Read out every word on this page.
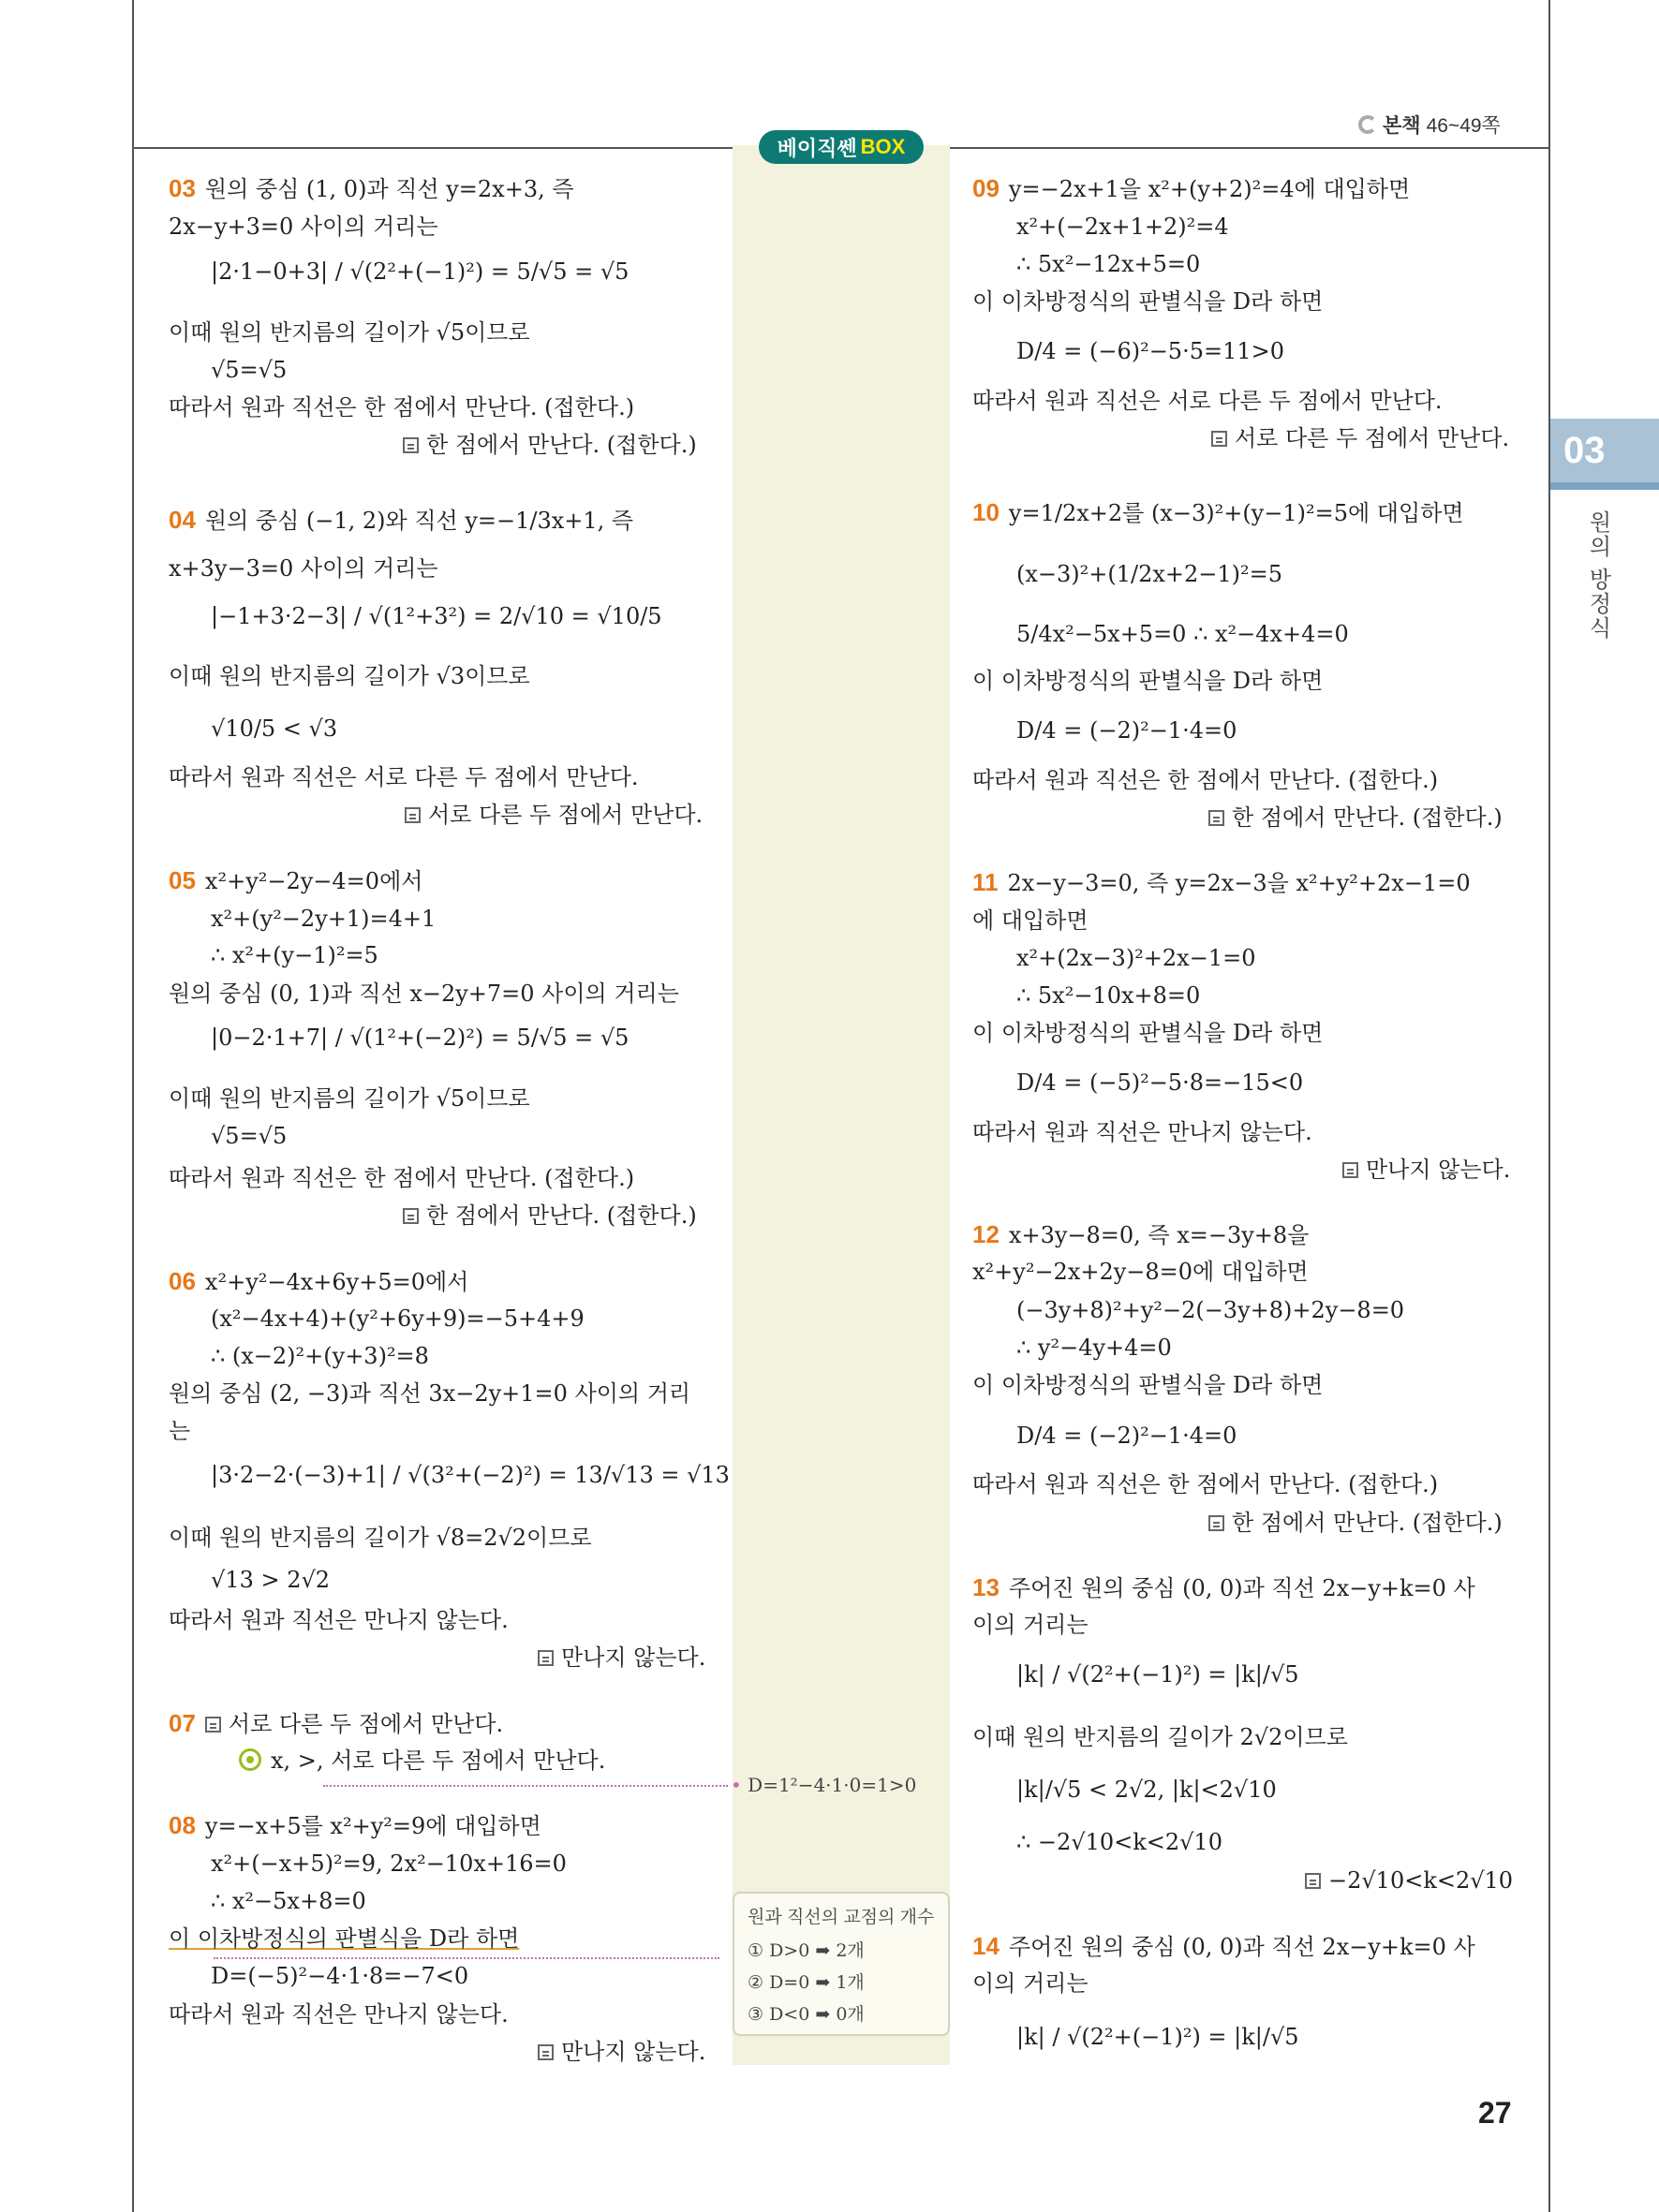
본책 46~49쪽
베이직쎈 BOX
03
원의 방정식
03 원의 중심 (1, 0)과 직선 y=2x+3, 즉
2x−y+3=0 사이의 거리는
|2·1−0+3| / √(2²+(−1)²) = 5/√5 = √5
이때 원의 반지름의 길이가 √5이므로
√5=√5
따라서 원과 직선은 한 점에서 만난다. (접한다.)
04 원의 중심 (−1, 2)와 직선 y=−1/3x+1, 즉
x+3y−3=0 사이의 거리는
|−1+3·2−3| / √(1²+3²) = 2/√10 = √10/5
이때 원의 반지름의 길이가 √3이므로
√10/5 < √3
따라서 원과 직선은 서로 다른 두 점에서 만난다.
05 x²+y²−2y−4=0에서
x²+(y²−2y+1)=4+1
∴ x²+(y−1)²=5
원의 중심 (0, 1)과 직선 x−2y+7=0 사이의 거리는
|0−2·1+7| / √(1²+(−2)²) = 5/√5 = √5
이때 원의 반지름의 길이가 √5이므로
√5=√5
따라서 원과 직선은 한 점에서 만난다. (접한다.)
06 x²+y²−4x+6y+5=0에서
(x²−4x+4)+(y²+6y+9)=−5+4+9
∴ (x−2)²+(y+3)²=8
원의 중심 (2, −3)과 직선 3x−2y+1=0 사이의 거리
는
|3·2−2·(−3)+1| / √(3²+(−2)²) = 13/√13 = √13
이때 원의 반지름의 길이가 √8=2√2이므로
√13 > 2√2
따라서 원과 직선은 만나지 않는다.
07 서로 다른 두 점에서 만난다.
x, >, 서로 다른 두 점에서 만난다.
08 y=−x+5를 x²+y²=9에 대입하면
x²+(−x+5)²=9, 2x²−10x+16=0
∴ x²−5x+8=0
이 이차방정식의 판별식을 D라 하면
D=(−5)²−4·1·8=−7<0
따라서 원과 직선은 만나지 않는다.
09 y=−2x+1을 x²+(y+2)²=4에 대입하면
x²+(−2x+1+2)²=4
∴ 5x²−12x+5=0
이 이차방정식의 판별식을 D라 하면
D/4 = (−6)²−5·5=11>0
따라서 원과 직선은 서로 다른 두 점에서 만난다.
10 y=1/2x+2를 (x−3)²+(y−1)²=5에 대입하면
(x−3)²+(1/2x+2−1)²=5
5/4x²−5x+5=0 ∴ x²−4x+4=0
이 이차방정식의 판별식을 D라 하면
D/4 = (−2)²−1·4=0
따라서 원과 직선은 한 점에서 만난다. (접한다.)
11 2x−y−3=0, 즉 y=2x−3을 x²+y²+2x−1=0
에 대입하면
x²+(2x−3)²+2x−1=0
∴ 5x²−10x+8=0
이 이차방정식의 판별식을 D라 하면
D/4 = (−5)²−5·8=−15<0
따라서 원과 직선은 만나지 않는다.
12 x+3y−8=0, 즉 x=−3y+8을
x²+y²−2x+2y−8=0에 대입하면
(−3y+8)²+y²−2(−3y+8)+2y−8=0
∴ y²−4y+4=0
이 이차방정식의 판별식을 D라 하면
D/4 = (−2)²−1·4=0
따라서 원과 직선은 한 점에서 만난다. (접한다.)
13 주어진 원의 중심 (0, 0)과 직선 2x−y+k=0 사
이의 거리는
|k| / √(2²+(−1)²) = |k|/√5
이때 원의 반지름의 길이가 2√2이므로
|k|/√5 < 2√2, |k|<2√10
∴ −2√10<k<2√10
14 주어진 원의 중심 (0, 0)과 직선 2x−y+k=0 사
이의 거리는
|k| / √(2²+(−1)²) = |k|/√5
한 점에서 만난다. (접한다.)
서로 다른 두 점에서 만난다.
한 점에서 만난다. (접한다.)
만나지 않는다.
만나지 않는다.
서로 다른 두 점에서 만난다.
한 점에서 만난다. (접한다.)
만나지 않는다.
한 점에서 만난다. (접한다.)
−2√10<k<2√10
• D=1²−4·1·0=1>0
원과 직선의 교점의 개수
① D>0 ➡ 2개
② D=0 ➡ 1개
③ D<0 ➡ 0개
27
